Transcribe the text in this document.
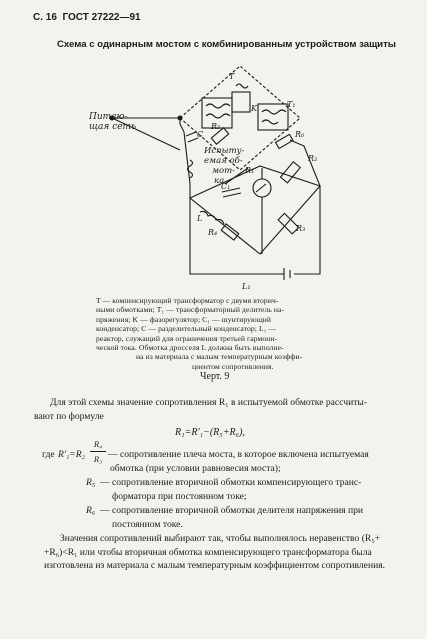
С. 16 ГОСТ 27222—91
Схема с одинарным мостом с комбинированным устройством защиты
Питаю-
щая сеть
Испыту-
емая об-
мот-
ка
T
K	T₁
R₅
R₆
C
R₁
R₂
C₁
L
R₄	R₃
L₁
T — компенсирующий трансформатор с двумя вторич-
ными обмотками; T₁ — трансформаторный делитель на-
пряжения; K — фазорегулятор; C₁ — шунтирующий
конденсатор; C — разделительный конденсатор; L₁ —
реактор, служащий для ограничения третьей гармони-
ческой тока. Обмотка дросселя L должна быть выполне-
на из материала с малым температурным коэффи-
циентом сопротивления.
Черт. 9
Для этой схемы значение сопротивления R₁ в испытуемой обмотке рассчиты-
вают по формуле
R₁=R′₁−(R₅+R₆),
где R′₁=R₂
R₄
R₃ — сопротивление плеча моста, в которое включена испытуемая
обмотка (при условии равновесия моста);
R₅ — сопротивление вторичной обмотки компенсирующего транс-
форматора при постоянном токе;
R₆ — сопротивление вторичной обмотки делителя напряжения при
постоянном токе.
Значения сопротивлений выбирают так, чтобы выполнялось неравенство (R₅+
+R₆)<R₁ или чтобы вторичная обмотка компенсирующего трансформатора была
изготовлена из материала с малым температурным коэффициентом сопротивления.
